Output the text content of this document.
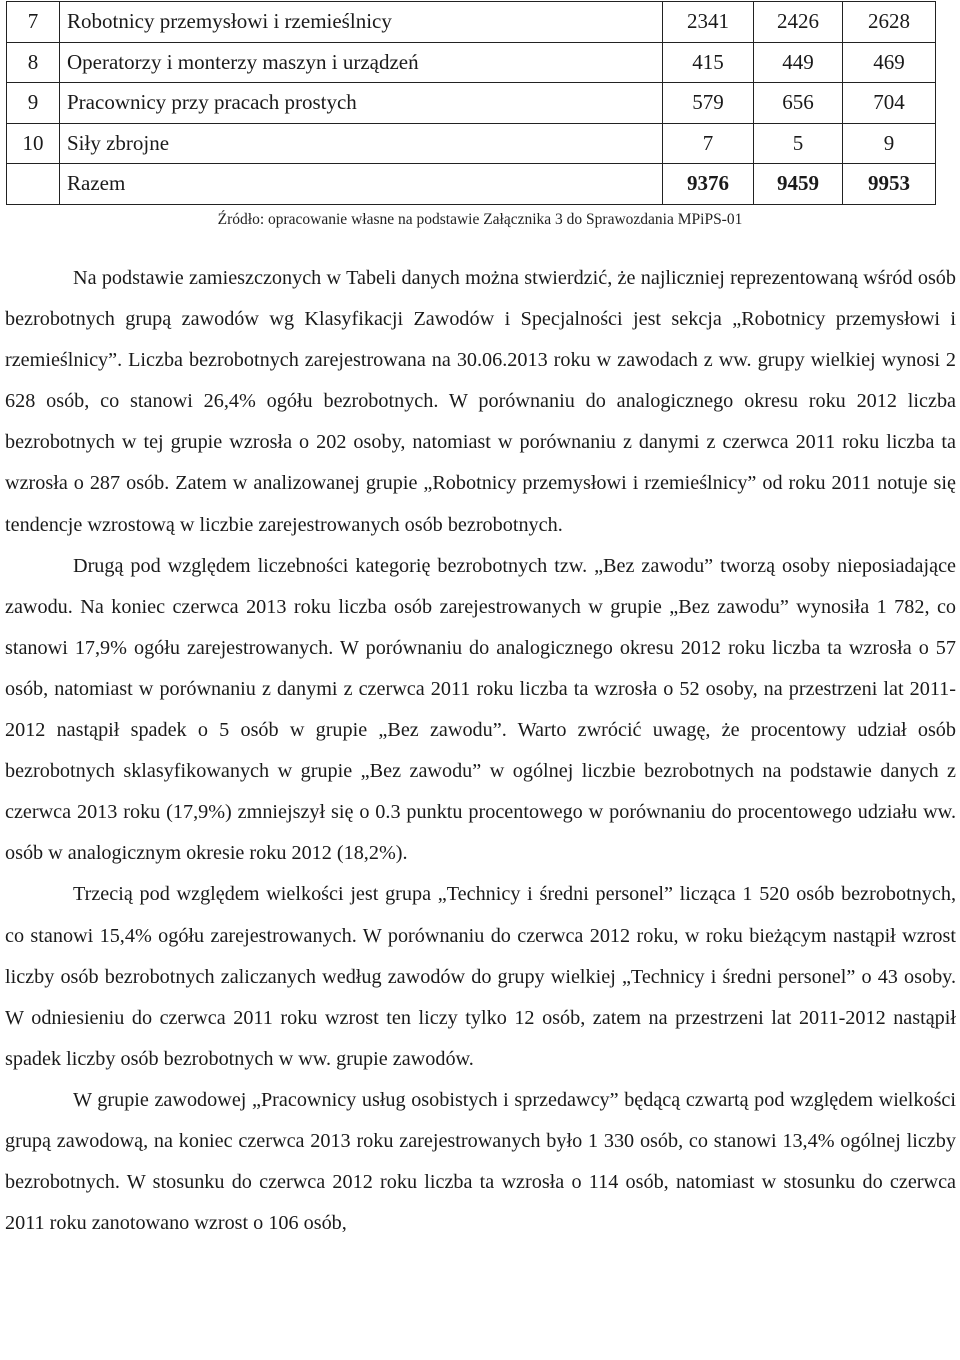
7	Robotnicy przemysłowi i rzemieślnicy	2341	2426	2628
8	Operatorzy i monterzy maszyn i urządzeń	415	449	469
9	Pracownicy przy pracach prostych	579	656	704
10	Siły zbrojne	7	5	9
	Razem	9376	9459	9953
Źródło: opracowanie własne na podstawie Załącznika 3 do Sprawozdania MPiPS-01

Na podstawie zamieszczonych w Tabeli danych można stwierdzić, że najliczniej reprezentowaną wśród osób bezrobotnych grupą zawodów wg Klasyfikacji Zawodów i Specjalności jest sekcja „Robotnicy przemysłowi i rzemieślnicy”. Liczba bezrobotnych zarejestrowana na 30.06.2013 roku w zawodach z ww. grupy wielkiej wynosi 2 628 osób, co stanowi 26,4% ogółu bezrobotnych. W porównaniu do analogicznego okresu roku 2012 liczba bezrobotnych w tej grupie wzrosła o 202 osoby, natomiast w porównaniu z danymi z czerwca 2011 roku liczba ta wzrosła o 287 osób. Zatem w analizowanej grupie „Robotnicy przemysłowi i rzemieślnicy” od roku 2011 notuje się tendencje wzrostową w liczbie zarejestrowanych osób bezrobotnych.

Drugą pod względem liczebności kategorię bezrobotnych tzw. „Bez zawodu” tworzą osoby nieposiadające zawodu. Na koniec czerwca 2013 roku liczba osób zarejestrowanych w grupie „Bez zawodu” wynosiła 1 782, co stanowi 17,9% ogółu zarejestrowanych. W porównaniu do analogicznego okresu 2012 roku liczba ta wzrosła o 57 osób, natomiast w porównaniu z danymi z czerwca 2011 roku liczba ta wzrosła o 52 osoby, na przestrzeni lat 2011-2012 nastąpił spadek o 5 osób w grupie „Bez zawodu”. Warto zwrócić uwagę, że procentowy udział osób bezrobotnych sklasyfikowanych w grupie „Bez zawodu” w ogólnej liczbie bezrobotnych na podstawie danych z czerwca 2013 roku (17,9%) zmniejszył się o 0.3 punktu procentowego w porównaniu do procentowego udziału ww. osób w analogicznym okresie roku 2012 (18,2%).

Trzecią pod względem wielkości jest grupa „Technicy i średni personel” licząca 1 520 osób bezrobotnych, co stanowi 15,4% ogółu zarejestrowanych. W porównaniu do czerwca 2012 roku, w roku bieżącym nastąpił wzrost liczby osób bezrobotnych zaliczanych według zawodów do grupy wielkiej „Technicy i średni personel” o 43 osoby. W odniesieniu do czerwca 2011 roku wzrost ten liczy tylko 12 osób, zatem na przestrzeni lat 2011-2012 nastąpił spadek liczby osób bezrobotnych w ww. grupie zawodów.

W grupie zawodowej „Pracownicy usług osobistych i sprzedawcy” będącą czwartą pod względem wielkości grupą zawodową, na koniec czerwca 2013 roku zarejestrowanych było 1 330 osób, co stanowi 13,4% ogólnej liczby bezrobotnych. W stosunku do czerwca 2012 roku liczba ta wzrosła o 114 osób, natomiast w stosunku do czerwca 2011 roku zanotowano wzrost o 106 osób,
